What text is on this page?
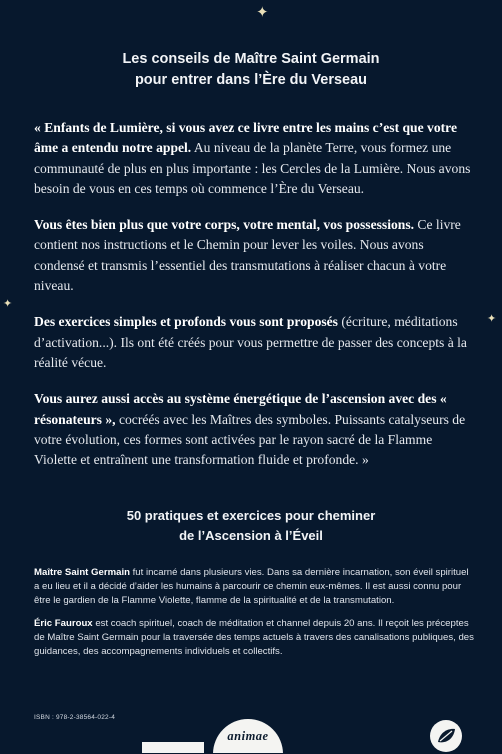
✦
✦
✦
Les conseils de Maître Saint Germain
pour entrer dans l’Ère du Verseau

« Enfants de Lumière, si vous avez ce livre entre les mains c’est que votre âme a entendu notre appel. Au niveau de la planète Terre, vous formez une communauté de plus en plus importante : les Cercles de la Lumière. Nous avons besoin de vous en ces temps où commence l’Ère du Verseau.

Vous êtes bien plus que votre corps, votre mental, vos possessions. Ce livre contient nos instructions et le Chemin pour lever les voiles. Nous avons condensé et transmis l’essentiel des transmutations à réaliser chacun à votre niveau.

Des exercices simples et profonds vous sont proposés (écriture, méditations d’activation...). Ils ont été créés pour vous permettre de passer des concepts à la réalité vécue.

Vous aurez aussi accès au système énergétique de l’ascension avec des « résonateurs », cocréés avec les Maîtres des symboles. Puissants catalyseurs de votre évolution, ces formes sont activées par le rayon sacré de la Flamme Violette et entraînent une transformation fluide et profonde. »

50 pratiques et exercices pour cheminer
de l’Ascension à l’Éveil

Maître Saint Germain fut incarné dans plusieurs vies. Dans sa dernière incarnation, son éveil spirituel a eu lieu et il a décidé d’aider les humains à parcourir ce chemin eux-mêmes. Il est aussi connu pour être le gardien de la Flamme Violette, flamme de la spiritualité et de la transmutation.

Éric Fauroux est coach spirituel, coach de méditation et channel depuis 20 ans. Il reçoit les préceptes de Maître Saint Germain pour la traversée des temps actuels à travers des canalisations publiques, des guidances, des accompagnements individuels et collectifs.

ISBN : 978-2-38564-022-4
animae
